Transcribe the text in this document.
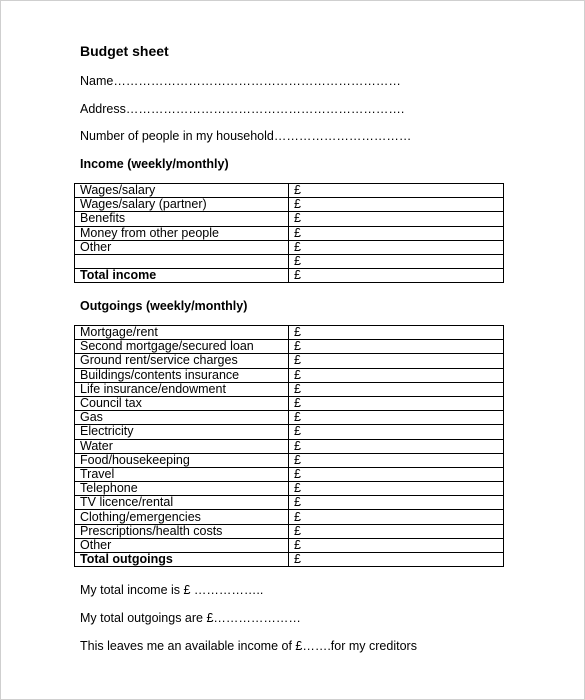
Budget sheet
Name……………………………………………………………
Address………………………………………………………….
Number of people in my household……………………………
Income (weekly/monthly)
Wages/salary	£
Wages/salary (partner)	£
Benefits	£
Money from other people	£
Other	£
	£
Total income	£
Outgoings (weekly/monthly)
Mortgage/rent	£
Second mortgage/secured loan	£
Ground rent/service charges	£
Buildings/contents insurance	£
Life insurance/endowment	£
Council tax	£
Gas	£
Electricity	£
Water	£
Food/housekeeping	£
Travel	£
Telephone	£
TV licence/rental	£
Clothing/emergencies	£
Prescriptions/health costs	£
Other	£
Total outgoings	£
My total income is £ ……………..
My total outgoings are £…………………
This leaves me an available income of £…….for my creditors
